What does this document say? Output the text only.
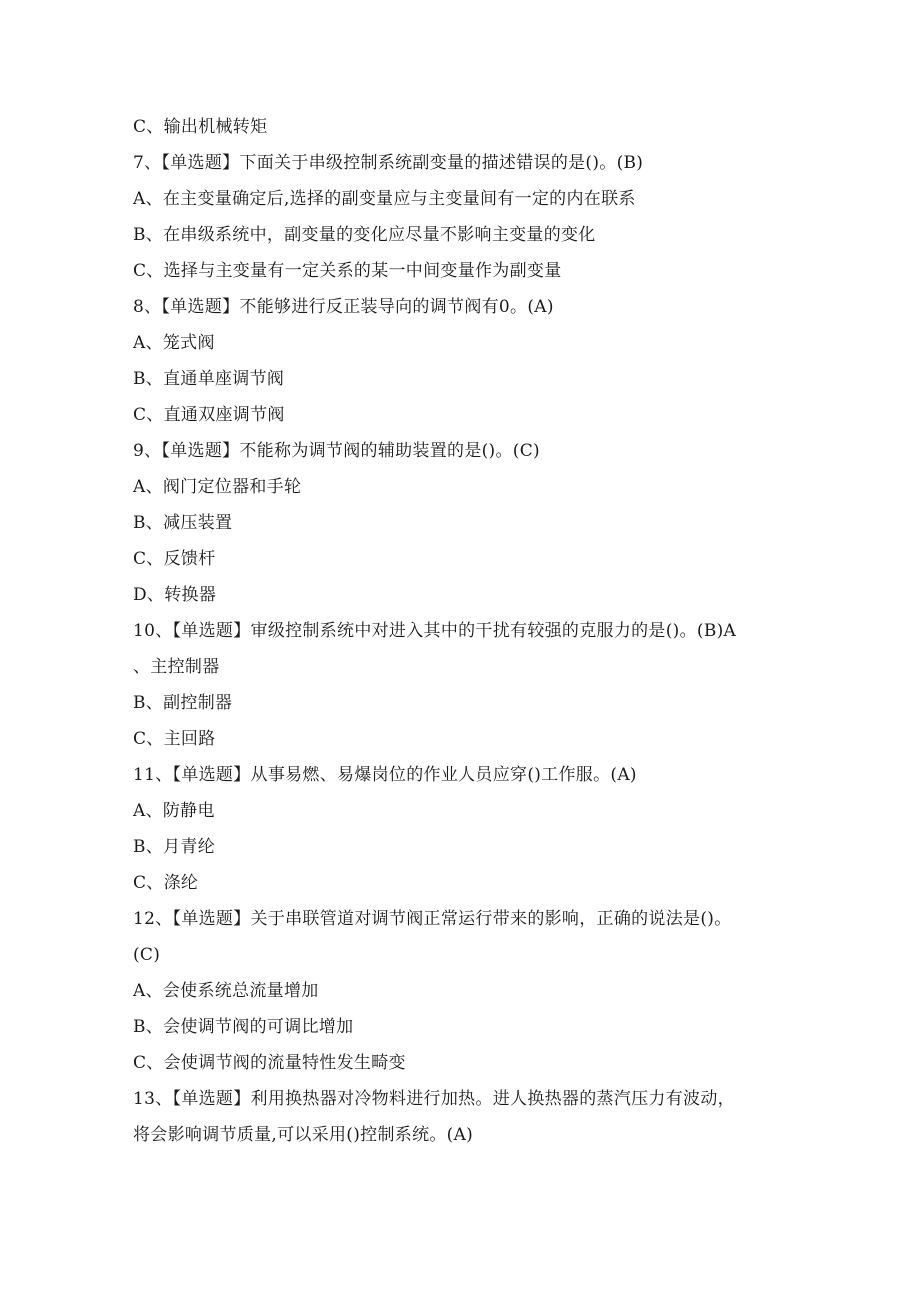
C、输出机械转矩
7、【单选题】下面关于串级控制系统副变量的描述错误的是()。(B)
A、在主变量确定后,选择的副变量应与主变量间有一定的内在联系
B、在串级系统中，副变量的变化应尽量不影响主变量的变化
C、选择与主变量有一定关系的某一中间变量作为副变量
8、【单选题】不能够进行反正装导向的调节阀有0。(A)
A、笼式阀
B、直通单座调节阀
C、直通双座调节阀
9、【单选题】不能称为调节阀的辅助装置的是()。(C)
A、阀门定位器和手轮
B、减压装置
C、反馈杆
D、转换器
10、【单选题】审级控制系统中对进入其中的干扰有较强的克服力的是()。(B)A
、主控制器
B、副控制器
C、主回路
11、【单选题】从事易燃、易爆岗位的作业人员应穿()工作服。(A)
A、防静电
B、月青纶
C、涤纶
12、【单选题】关于串联管道对调节阀正常运行带来的影响，正确的说法是()。
(C)
A、会使系统总流量增加
B、会使调节阀的可调比增加
C、会使调节阀的流量特性发生畸变
13、【单选题】利用换热器对冷物料进行加热。进人换热器的蒸汽压力有波动，
将会影响调节质量,可以采用()控制系统。(A)
